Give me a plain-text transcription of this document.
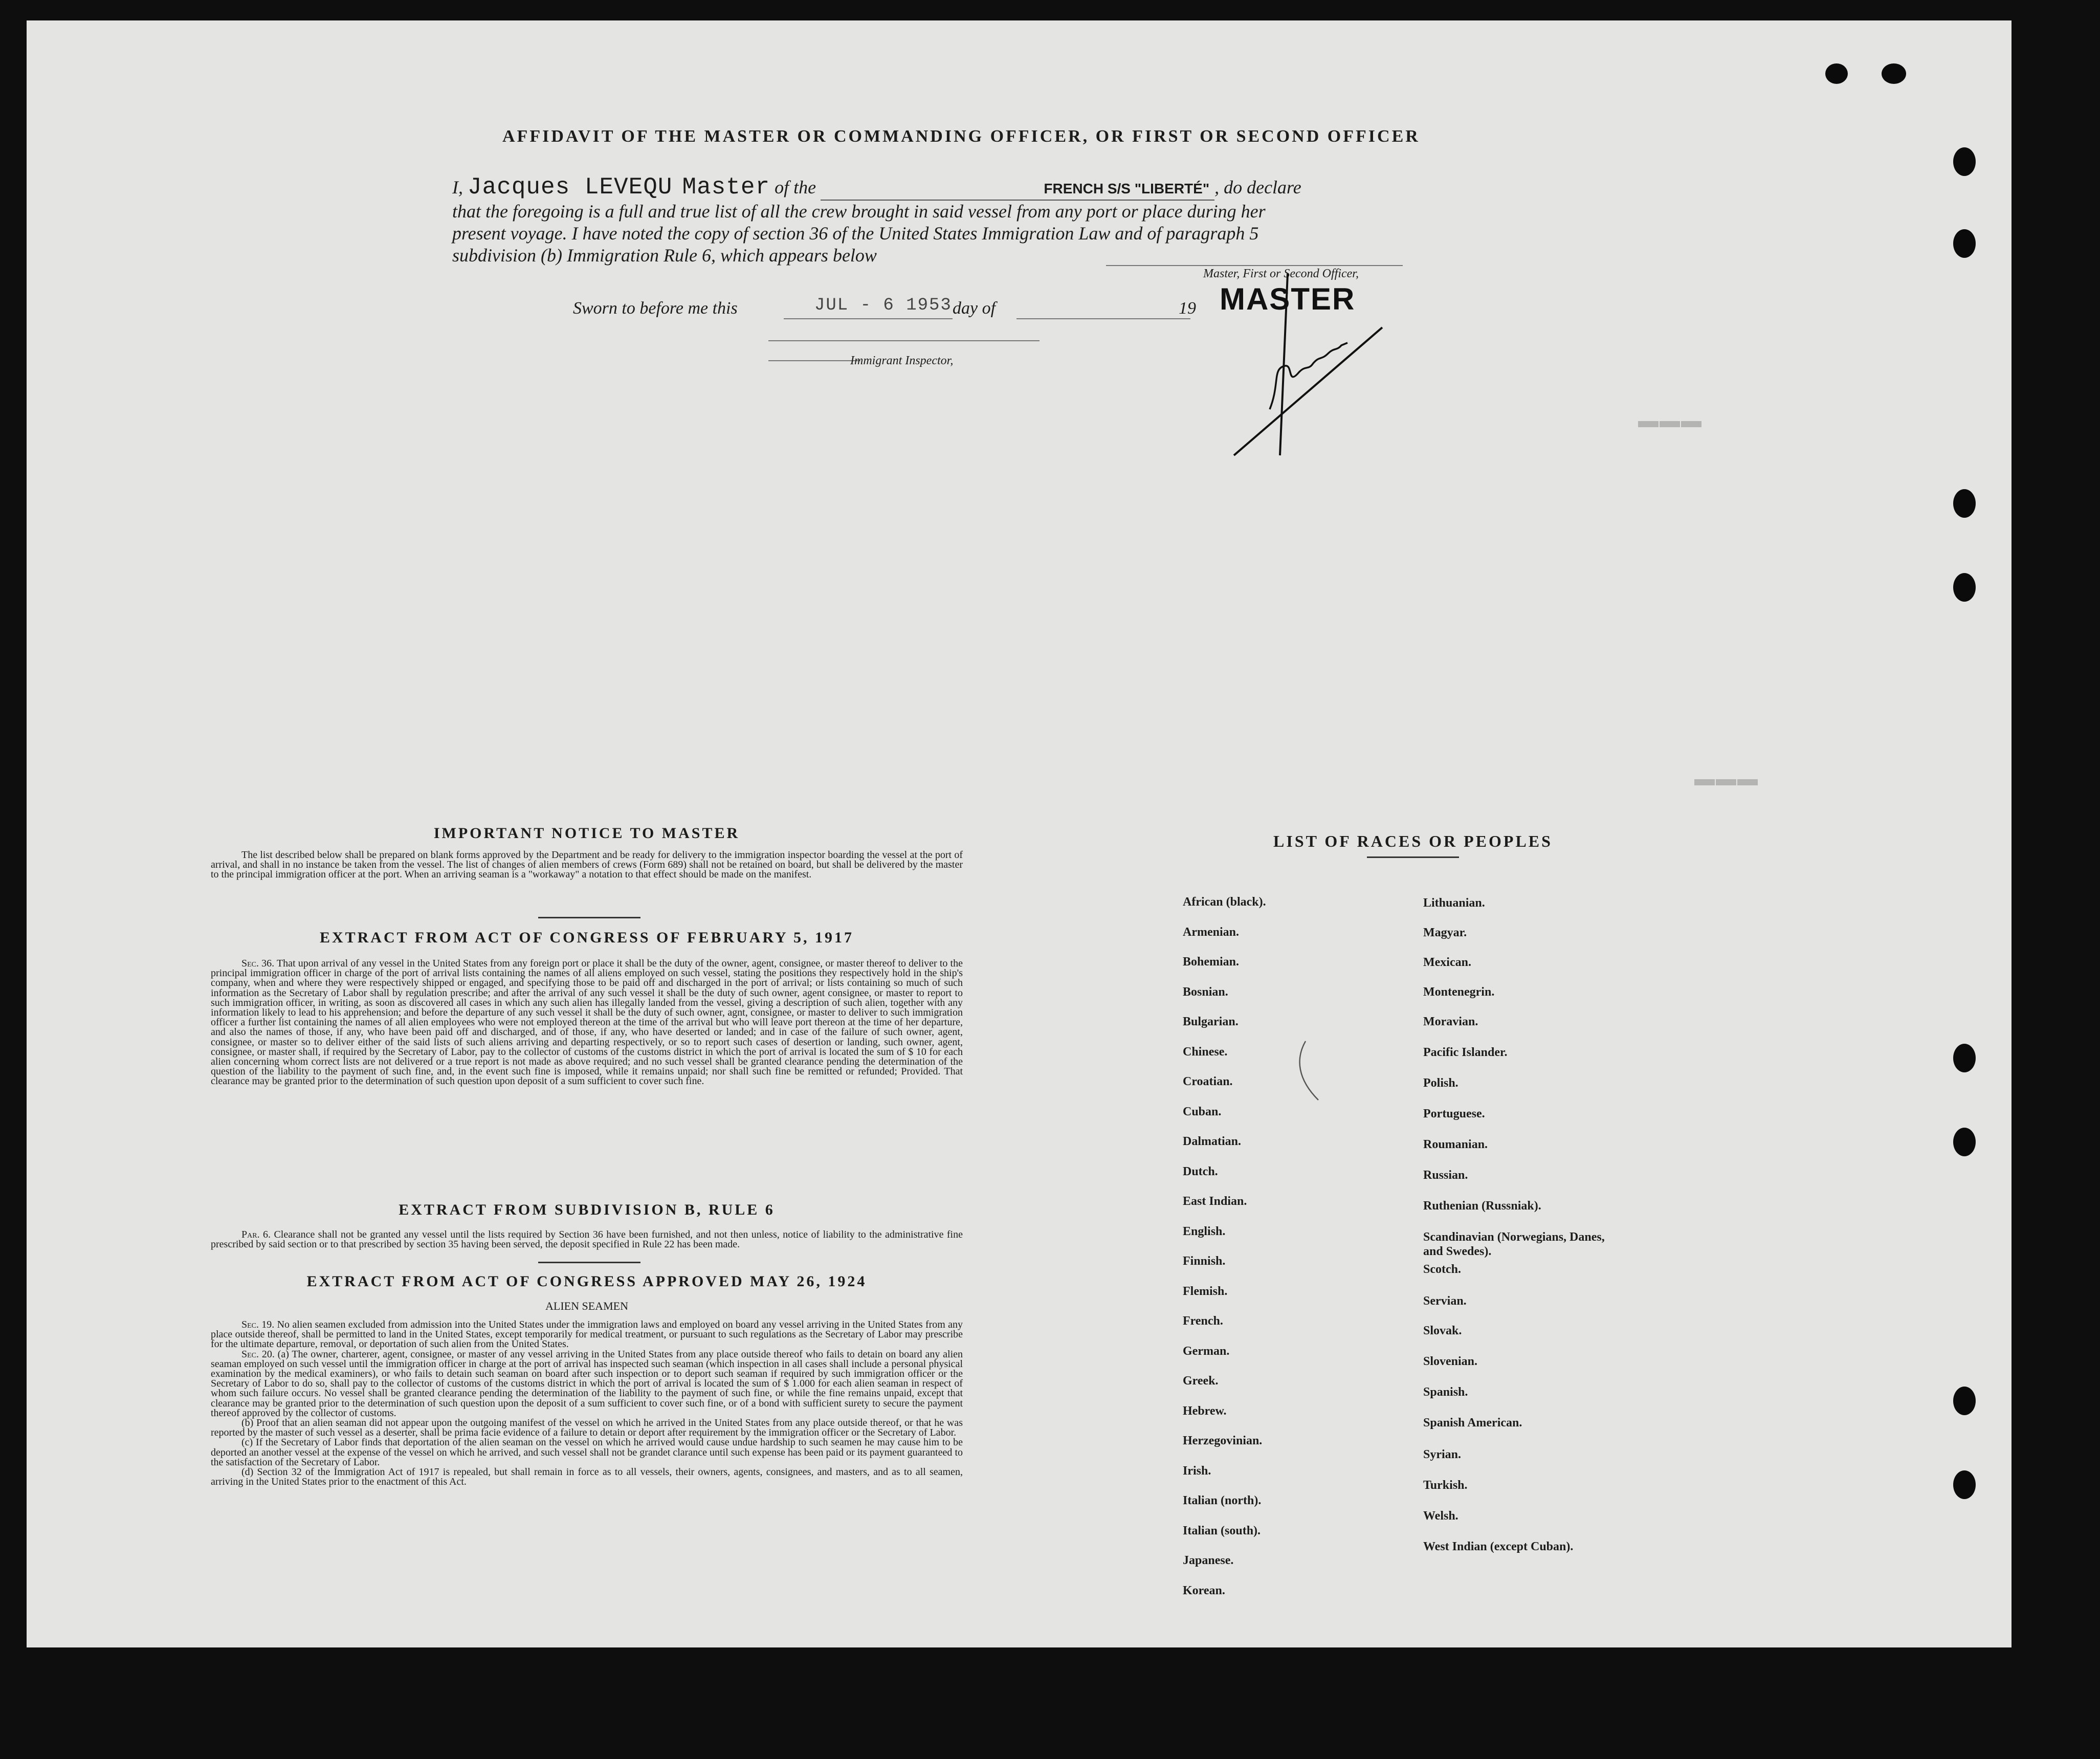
▬▬▬
▬▬▬
AFFIDAVIT OF THE MASTER OR COMMANDING OFFICER, OR FIRST OR SECOND OFFICER
I, Jacques LEVEQU Master of the	FRENCH S/S "LIBERTÉ" , do declare
that the foregoing is a full and true list of all the crew brought in said vessel from any port or place during her
present voyage. I have noted the copy of section 36 of the United States Immigration Law and of paragraph 5
subdivision (b) Immigration Rule 6, which appears below
Master, First or Second Officer,
Sworn to before me this	JUL - 6 1953 day of	19 MASTER
Immigrant Inspector,
IMPORTANT NOTICE TO MASTER
The list described below shall be prepared on blank forms approved by the Department and be ready for delivery to the immigration inspector boarding the vessel at the port of arrival, and shall in no instance be taken from the vessel. The list of changes of alien members of crews (Form 689) shall not be retained on board, but shall be delivered by the master to the principal immigration officer at the port. When an arriving seaman is a "workaway" a notation to that effect should be made on the manifest.
EXTRACT FROM ACT OF CONGRESS OF FEBRUARY 5, 1917
Sec. 36. That upon arrival of any vessel in the United States from any foreign port or place it shall be the duty of the owner, agent, consignee, or master thereof to deliver to the principal immigration officer in charge of the port of arrival lists containing the names of all aliens employed on such vessel, stating the positions they respectively hold in the ship's company, when and where they were respectively shipped or engaged, and specifying those to be paid off and discharged in the port of arrival; or lists containing so much of such information as the Secretary of Labor shall by regulation prescribe; and after the arrival of any such vessel it shall be the duty of such owner, agent consignee, or master to report to such immigration officer, in writing, as soon as discovered all cases in which any such alien has illegally landed from the vessel, giving a description of such alien, together with any information likely to lead to his apprehension; and before the departure of any such vessel it shall be the duty of such owner, agnt, consignee, or master to deliver to such immigration officer a further list containing the names of all alien employees who were not employed thereon at the time of the arrival but who will leave port thereon at the time of her departure, and also the names of those, if any, who have been paid off and discharged, and of those, if any, who have deserted or landed; and in case of the failure of such owner, agent, consignee, or master so to deliver either of the said lists of such aliens arriving and departing respectively, or so to report such cases of desertion or landing, such owner, agent, consignee, or master shall, if required by the Secretary of Labor, pay to the collector of customs of the customs district in which the port of arrival is located the sum of $ 10 for each alien concerning whom correct lists are not delivered or a true report is not made as above required; and no such vessel shall be granted clearance pending the determination of the question of the liability to the payment of such fine, and, in the event such fine is imposed, while it remains unpaid; nor shall such fine be remitted or refunded; Provided. That clearance may be granted prior to the determination of such question upon deposit of a sum sufficient to cover such fine.
EXTRACT FROM SUBDIVISION B, RULE 6
Par. 6. Clearance shall not be granted any vessel until the lists required by Section 36 have been furnished, and not then unless, notice of liability to the administrative fine prescribed by said section or to that prescribed by section 35 having been served, the deposit specified in Rule 22 has been made.
EXTRACT FROM ACT OF CONGRESS APPROVED MAY 26, 1924
ALIEN SEAMEN
Sec. 19. No alien seamen excluded from admission into the United States under the immigration laws and employed on board any vessel arriving in the United States from any place outside thereof, shall be permitted to land in the United States, except temporarily for medical treatment, or pursuant to such regulations as the Secretary of Labor may prescribe for the ultimate departure, removal, or deportation of such alien from the United States.
Sec. 20. (a) The owner, charterer, agent, consignee, or master of any vessel arriving in the United States from any place outside thereof who fails to detain on board any alien seaman employed on such vessel until the immigration officer in charge at the port of arrival has inspected such seaman (which inspection in all cases shall include a personal physical examination by the medical examiners), or who fails to detain such seaman on board after such inspection or to deport such seaman if required by such immigration officer or the Secretary of Labor to do so, shall pay to the collector of customs of the customs district in which the port of arrival is located the sum of $ 1.000 for each alien seaman in respect of whom such failure occurs. No vessel shall be granted clearance pending the determination of the liability to the payment of such fine, or while the fine remains unpaid, except that clearance may be granted prior to the determination of such question upon the deposit of a sum sufficient to cover such fine, or of a bond with sufficient surety to secure the payment thereof approved by the collector of customs.
(b) Proof that an alien seaman did not appear upon the outgoing manifest of the vessel on which he arrived in the United States from any place outside thereof, or that he was reported by the master of such vessel as a deserter, shall be prima facie evidence of a failure to detain or deport after requirement by the immigration officer or the Secretary of Labor.
(c) If the Secretary of Labor finds that deportation of the alien seaman on the vessel on which he arrived would cause undue hardship to such seamen he may cause him to be deported an another vessel at the expense of the vessel on which he arrived, and such vessel shall not be grandet clarance until such expense has been paid or its payment guaranteed to the satisfaction of the Secretary of Labor.
(d) Section 32 of the Immigration Act of 1917 is repealed, but shall remain in force as to all vessels, their owners, agents, consignees, and masters, and as to all seamen, arriving in the United States prior to the enactment of this Act.
LIST OF RACES OR PEOPLES
African (black).
Armenian.
Bohemian.
Bosnian.
Bulgarian.
Chinese.
Croatian.
Cuban.
Dalmatian.
Dutch.
East Indian.
English.
Finnish.
Flemish.
French.
German.
Greek.
Hebrew.
Herzegovinian.
Irish.
Italian (north).
Italian (south).
Japanese.
Korean.
Lithuanian.
Magyar.
Mexican.
Montenegrin.
Moravian.
Pacific Islander.
Polish.
Portuguese.
Roumanian.
Russian.
Ruthenian (Russniak).
Scandinavian (Norwegians, Danes, and Swedes).
Scotch.
Servian.
Slovak.
Slovenian.
Spanish.
Spanish American.
Syrian.
Turkish.
Welsh.
West Indian (except Cuban).
